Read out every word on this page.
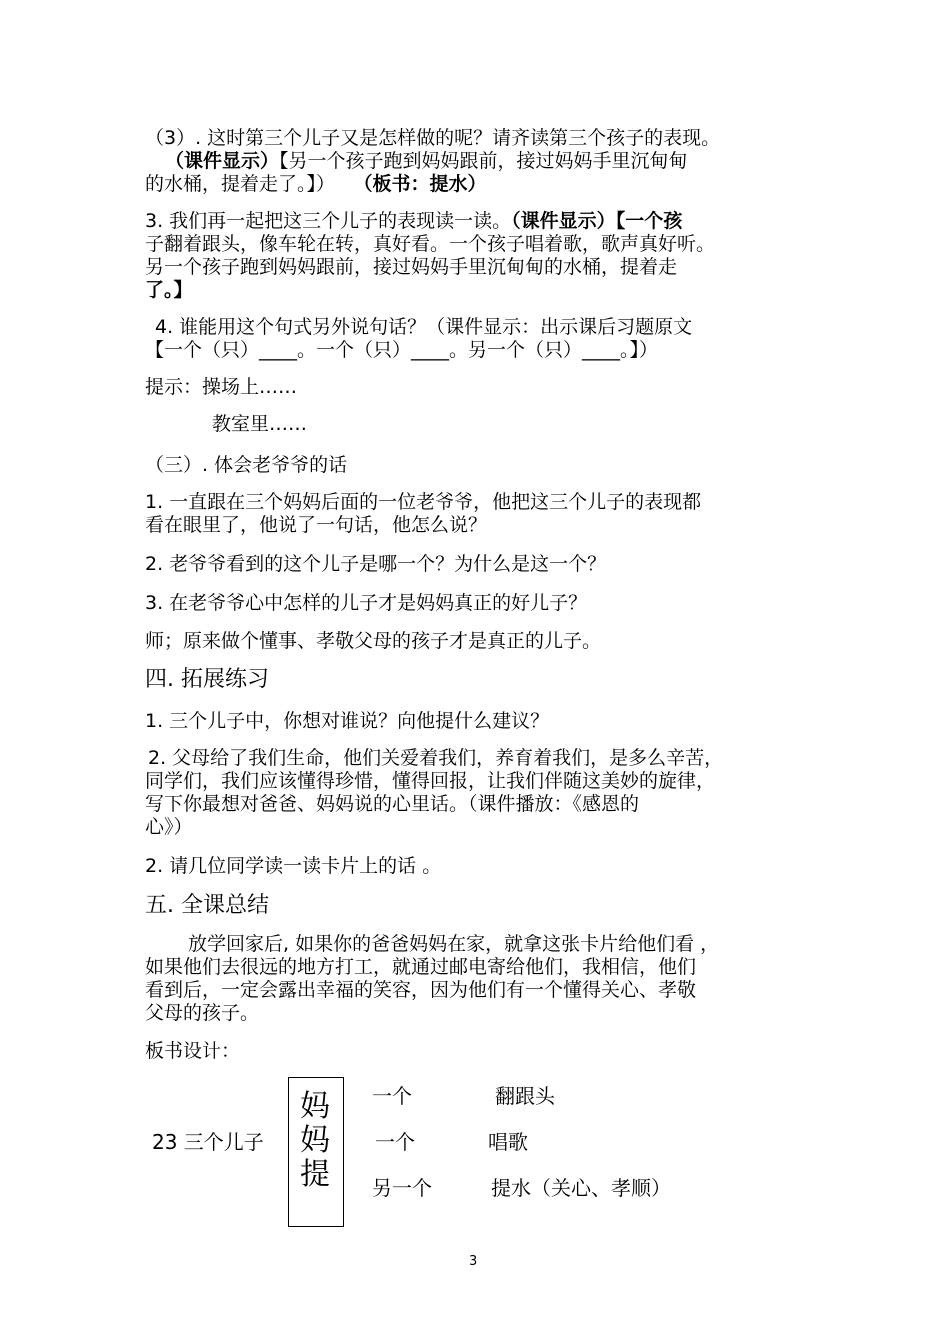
（3）. 这时第三个儿子又是怎样做的呢？请齐读第三个孩子的表现。
（课件显示）【另一个孩子跑到妈妈跟前，接过妈妈手里沉甸甸
的水桶，提着走了。】） （板书：提水）
3. 我们再一起把这三个儿子的表现读一读。（课件显示）【一个孩
子翻着跟头，像车轮在转，真好看。一个孩子唱着歌，歌声真好听。
另一个孩子跑到妈妈跟前，接过妈妈手里沉甸甸的水桶，提着走
了。】
4. 谁能用这个句式另外说句话？（课件显示：出示课后习题原文
【一个（只）____。一个（只）____。另一个（只）____。】）
提示：操场上……
教室里……
（三）. 体会老爷爷的话
1. 一直跟在三个妈妈后面的一位老爷爷，他把这三个儿子的表现都
看在眼里了，他说了一句话，他怎么说？
2. 老爷爷看到的这个儿子是哪一个？为什么是这一个？
3. 在老爷爷心中怎样的儿子才是妈妈真正的好儿子？
师；原来做个懂事、孝敬父母的孩子才是真正的儿子。
四. 拓展练习
1. 三个儿子中，你想对谁说？向他提什么建议？
2. 父母给了我们生命，他们关爱着我们，养育着我们，是多么辛苦，
同学们，我们应该懂得珍惜，懂得回报，让我们伴随这美妙的旋律，
写下你最想对爸爸、妈妈说的心里话。（课件播放：《感恩的
心》）
2. 请几位同学读一读卡片上的话 。
五. 全课总结
放学回家后, 如果你的爸爸妈妈在家，就拿这张卡片给他们看 ，
如果他们去很远的地方打工，就通过邮电寄给他们，我相信，他们
看到后，一定会露出幸福的笑容，因为他们有一个懂得关心、孝敬
父母的孩子。
板书设计：
23 三个儿子
妈
妈
提
一个	翻跟头
一个	唱歌
另一个	提水（关心、孝顺）
3
